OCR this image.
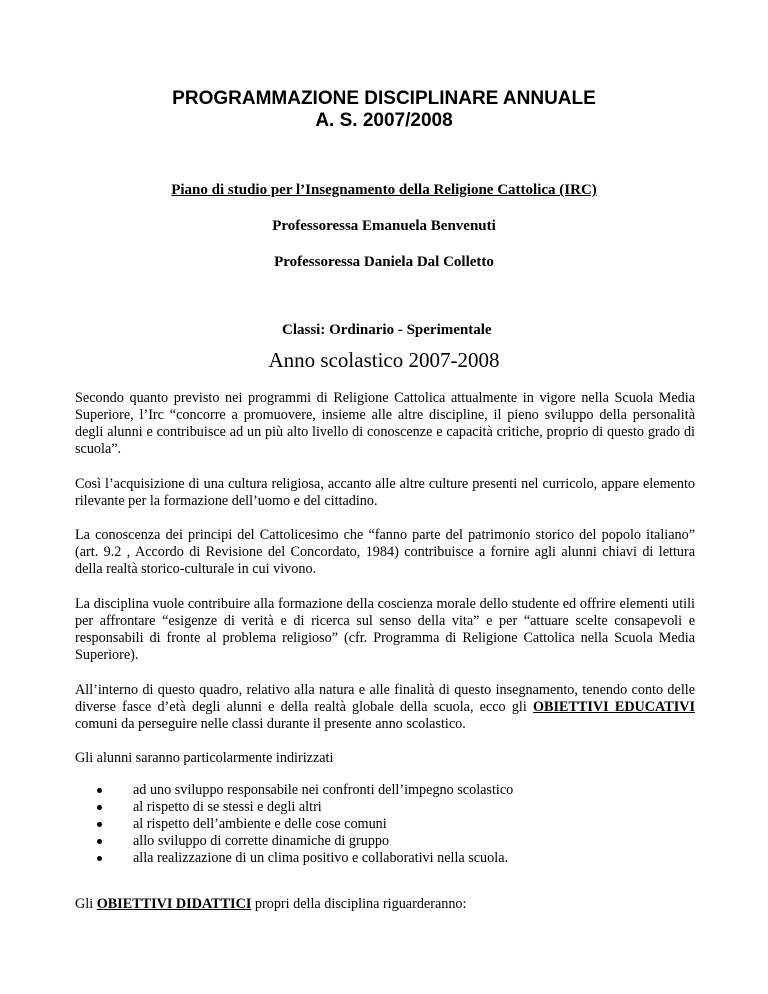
PROGRAMMAZIONE DISCIPLINARE ANNUALE
A. S. 2007/2008
Piano di studio per l’Insegnamento della Religione Cattolica (IRC)
Professoressa Emanuela Benvenuti
Professoressa Daniela Dal Colletto
Classi: Ordinario - Sperimentale
Anno scolastico 2007-2008

Secondo quanto previsto nei programmi di Religione Cattolica attualmente in vigore nella Scuola Media Superiore, l’Irc “concorre a promuovere, insieme alle altre discipline, il pieno sviluppo della personalità degli alunni e contribuisce ad un più alto livello di conoscenze e capacità critiche, proprio di questo grado di scuola”.

Così l’acquisizione di una cultura religiosa, accanto alle altre culture presenti nel curricolo, appare elemento rilevante per la formazione dell’uomo e del cittadino.

La conoscenza dei principi del Cattolicesimo che “fanno parte del patrimonio storico del popolo italiano” (art. 9.2 , Accordo di Revisione del Concordato, 1984) contribuisce a fornire agli alunni chiavi di lettura della realtà storico-culturale in cui vivono.

La disciplina vuole contribuire alla formazione della coscienza morale dello studente ed offrire elementi utili per affrontare “esigenze di verità e di ricerca sul senso della vita” e per “attuare scelte consapevoli e responsabili di fronte al problema religioso” (cfr. Programma di Religione Cattolica nella Scuola Media Superiore).

All’interno di questo quadro, relativo alla natura e alle finalità di questo insegnamento, tenendo conto delle diverse fasce d’età degli alunni e della realtà globale della scuola, ecco gli OBIETTIVI EDUCATIVI comuni da perseguire nelle classi durante il presente anno scolastico.

Gli alunni saranno particolarmente indirizzati

ad uno sviluppo responsabile nei confronti dell’impegno scolastico
al rispetto di se stessi e degli altri
al rispetto dell’ambiente e delle cose comuni
allo sviluppo di corrette dinamiche di gruppo
alla realizzazione di un clima positivo e collaborativi nella scuola.

Gli OBIETTIVI DIDATTICI propri della disciplina riguarderanno:
